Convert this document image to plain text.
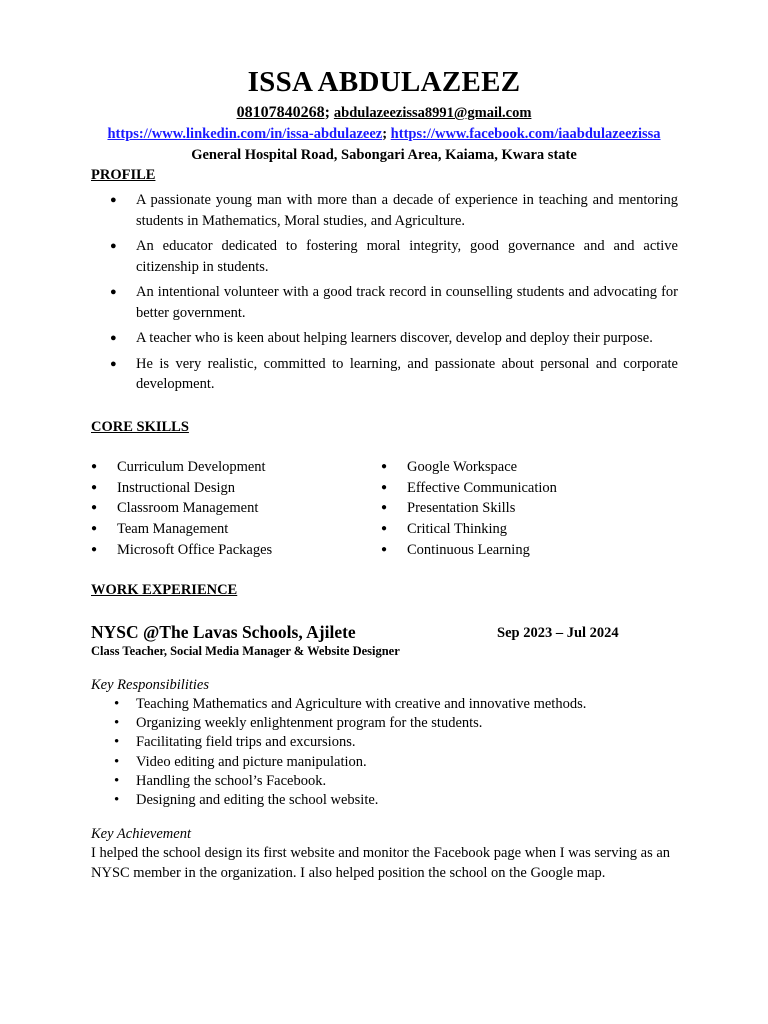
ISSA ABDULAZEEZ
08107840268; abdulazeezissa8991@gmail.com
https://www.linkedin.com/in/issa-abdulazeez; https://www.facebook.com/iaabdulazeezissa
General Hospital Road, Sabongari Area, Kaiama, Kwara state
PROFILE
● A passionate young man with more than a decade of experience in teaching and mentoring students in Mathematics, Moral studies, and Agriculture.
● An educator dedicated to fostering moral integrity, good governance and and active citizenship in students.
● An intentional volunteer with a good track record in counselling students and advocating for better government.
● A teacher who is keen about helping learners discover, develop and deploy their purpose.
● He is very realistic, committed to learning, and passionate about personal and corporate development.
CORE SKILLS
● Curriculum Development
● Instructional Design
● Classroom Management
● Team Management
● Microsoft Office Packages
● Google Workspace
● Effective Communication
● Presentation Skills
● Critical Thinking
● Continuous Learning
WORK EXPERIENCE
NYSC @The Lavas Schools, Ajilete	Sep 2023 – Jul 2024
Class Teacher, Social Media Manager & Website Designer
Key Responsibilities
• Teaching Mathematics and Agriculture with creative and innovative methods.
• Organizing weekly enlightenment program for the students.
• Facilitating field trips and excursions.
• Video editing and picture manipulation.
• Handling the school’s Facebook.
• Designing and editing the school website.
Key Achievement
I helped the school design its first website and monitor the Facebook page when I was serving as an NYSC member in the organization. I also helped position the school on the Google map.
